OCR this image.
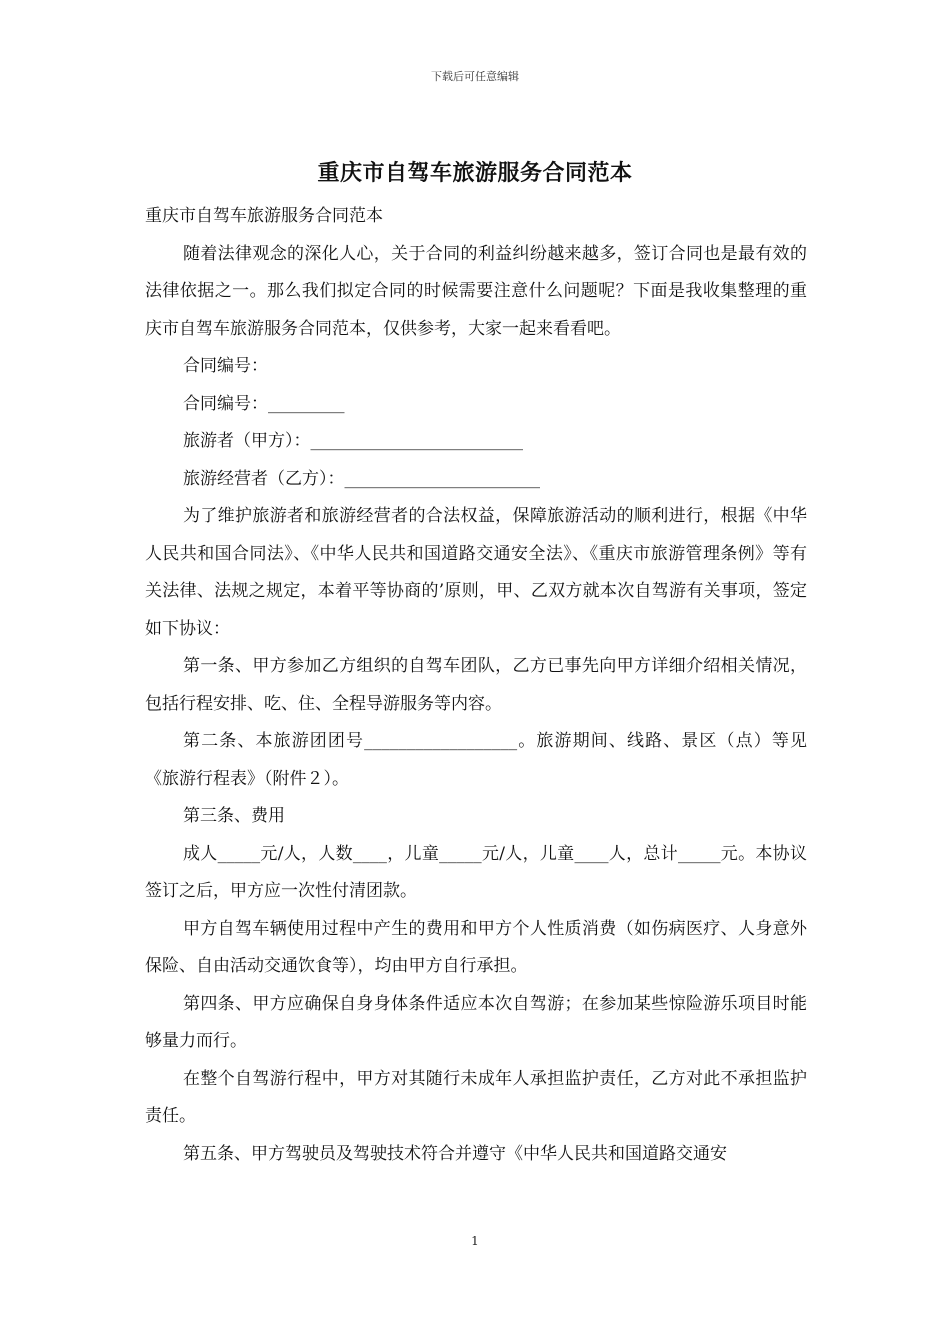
下载后可任意编辑
重庆市自驾车旅游服务合同范本

重庆市自驾车旅游服务合同范本

随着法律观念的深化人心，关于合同的利益纠纷越来越多，签订合同也是最有效的法律依据之一。那么我们拟定合同的时候需要注意什么问题呢？下面是我收集整理的重庆市自驾车旅游服务合同范本，仅供参考，大家一起来看看吧。

合同编号：

合同编号：_________

旅游者（甲方）：_________________________

旅游经营者（乙方）：_______________________

为了维护旅游者和旅游经营者的合法权益，保障旅游活动的顺利进行，根据《中华人民共和国合同法》、《中华人民共和国道路交通安全法》、《重庆市旅游管理条例》等有关法律、法规之规定，本着平等协商的’原则，甲、乙双方就本次自驾游有关事项，签定如下协议：

第一条、甲方参加乙方组织的自驾车团队，乙方已事先向甲方详细介绍相关情况，包括行程安排、吃、住、全程导游服务等内容。

第二条、本旅游团团号__________________。旅游期间、线路、景区（点）等见《旅游行程表》（附件２）。

第三条、费用

成人_____元/人，人数____，儿童_____元/人，儿童____人，总计_____元。本协议签订之后，甲方应一次性付清团款。

甲方自驾车辆使用过程中产生的费用和甲方个人性质消费（如伤病医疗、人身意外保险、自由活动交通饮食等），均由甲方自行承担。

第四条、甲方应确保自身身体条件适应本次自驾游；在参加某些惊险游乐项目时能够量力而行。

在整个自驾游行程中，甲方对其随行未成年人承担监护责任，乙方对此不承担监护责任。

第五条、甲方驾驶员及驾驶技术符合并遵守《中华人民共和国道路交通安

1
